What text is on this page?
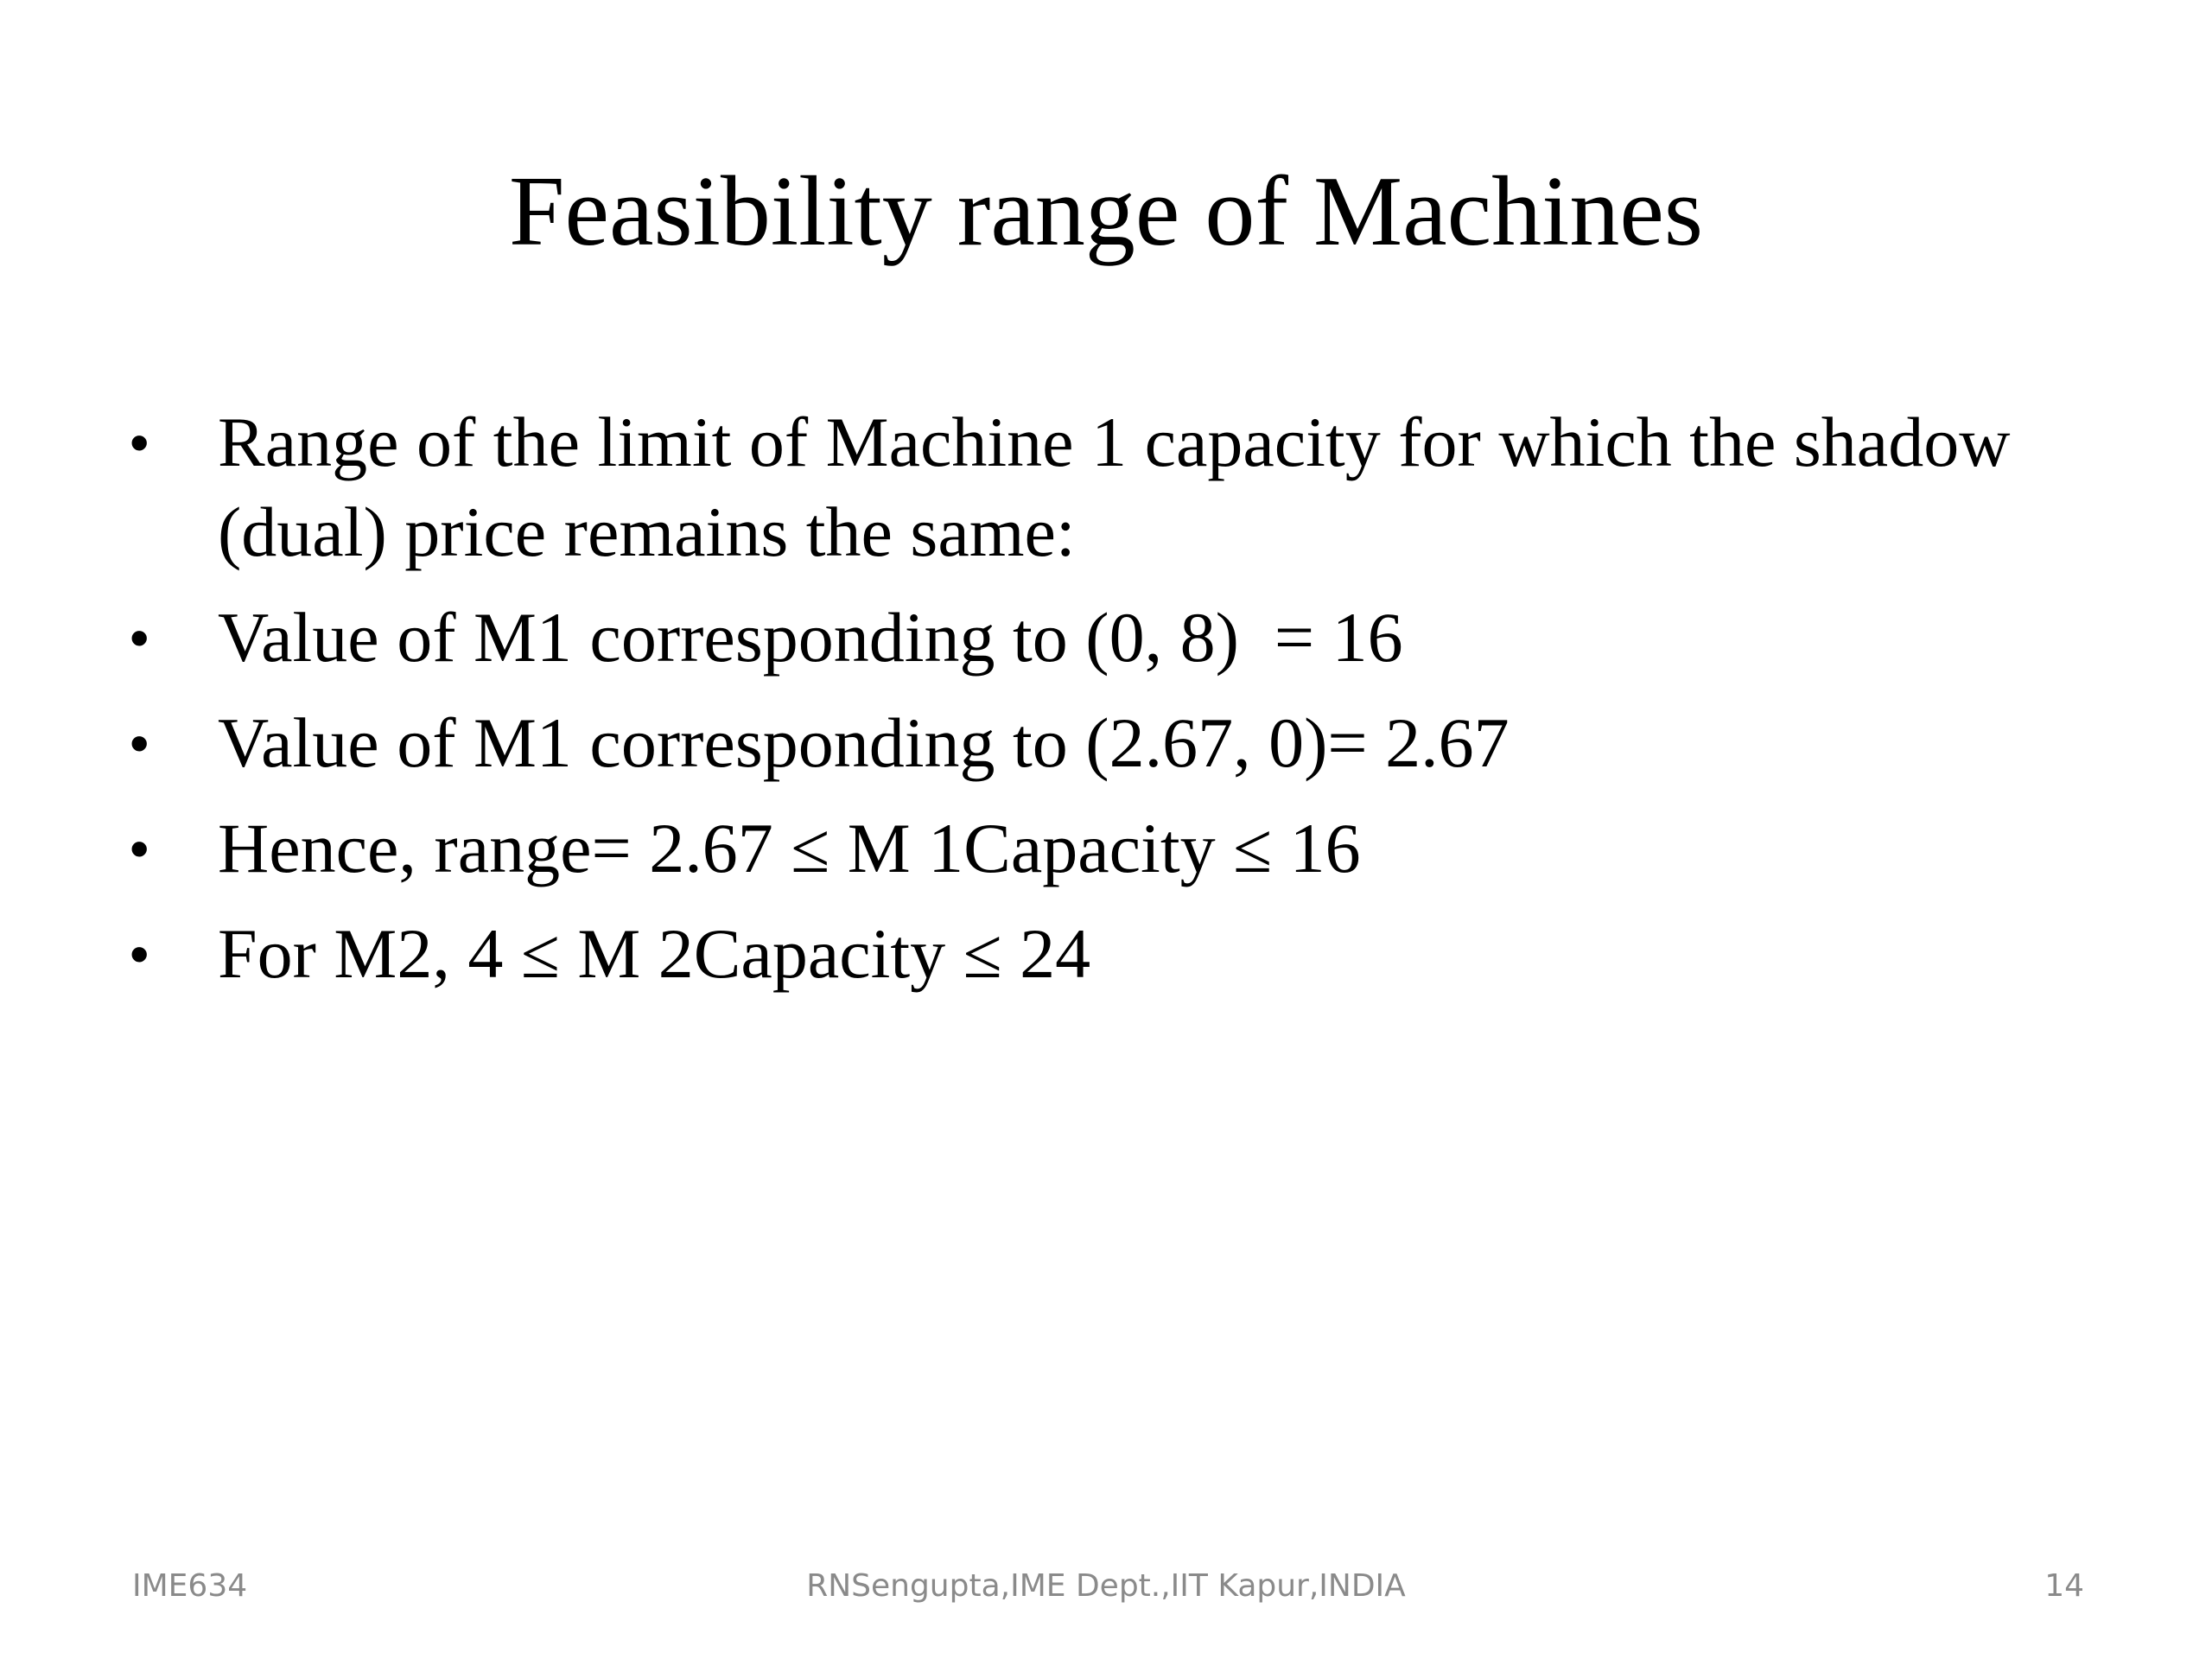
Feasibility range of Machines
• Range of the limit of Machine 1 capacity for which the shadow (dual) price remains the same:
• Value of M1 corresponding to (0, 8)  = 16
• Value of M1 corresponding to (2.67, 0)= 2.67
• Hence, range= 2.67 ≤ M 1Capacity ≤ 16
• For M2, 4 ≤ M 2Capacity ≤ 24
IME634	RNSengupta,IME Dept.,IIT Kapur,INDIA	14
